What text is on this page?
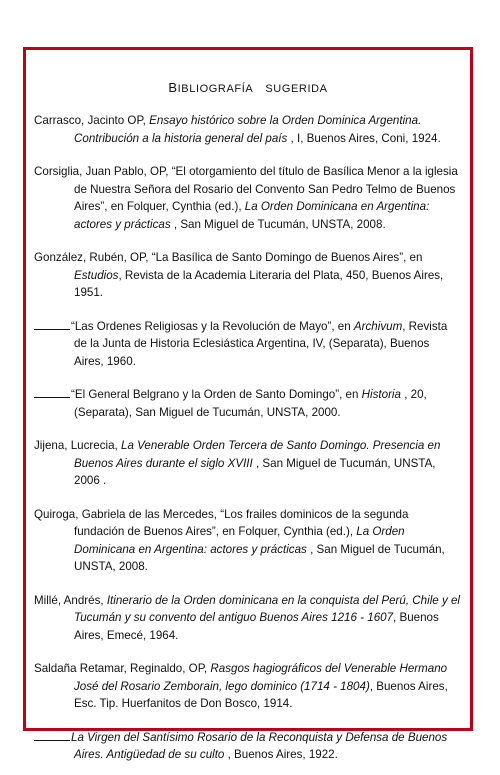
BIBLIOGRAFÍA SUGERIDA

Carrasco, Jacinto OP, Ensayo histórico sobre la Orden Dominica Argentina. Contribución a la historia general del país , I, Buenos Aires, Coni, 1924.

Corsiglia, Juan Pablo, OP, “El otorgamiento del título de Basílica Menor a la iglesia de Nuestra Señora del Rosario del Convento San Pedro Telmo de Buenos Aires”, en Folquer, Cynthia (ed.), La Orden Dominicana en Argentina: actores y prácticas , San Miguel de Tucumán, UNSTA, 2008.

González, Rubén, OP, “La Basílica de Santo Domingo de Buenos Aires”, en Estudios, Revista de la Academia Literaria del Plata, 450, Buenos Aires, 1951.

“Las Ordenes Religiosas y la Revolución de Mayo”, en Archivum, Revista de la Junta de Historia Eclesiástica Argentina, IV, (Separata), Buenos Aires, 1960.

“El General Belgrano y la Orden de Santo Domingo”, en Historia , 20, (Separata), San Miguel de Tucumán, UNSTA, 2000.

Jijena, Lucrecia, La Venerable Orden Tercera de Santo Domingo. Presencia en Buenos Aires durante el siglo XVIII , San Miguel de Tucumán, UNSTA, 2006 .

Quiroga, Gabriela de las Mercedes, “Los frailes dominicos de la segunda fundación de Buenos Aires”, en Folquer, Cynthia (ed.), La Orden Dominicana en Argentina: actores y prácticas , San Miguel de Tucumán, UNSTA, 2008.

Millé, Andrés, Itinerario de la Orden dominicana en la conquista del Perú, Chile y el Tucumán y su convento del antiguo Buenos Aires 1216 - 1607, Buenos Aires, Emecé, 1964.

Saldaña Retamar, Reginaldo, OP, Rasgos hagiográficos del Venerable Hermano José del Rosario Zemborain, lego dominico (1714 - 1804), Buenos Aires, Esc. Tip. Huerfanitos de Don Bosco, 1914.

La Virgen del Santísimo Rosario de la Reconquista y Defensa de Buenos Aires. Antigüedad de su culto , Buenos Aires, 1922.
